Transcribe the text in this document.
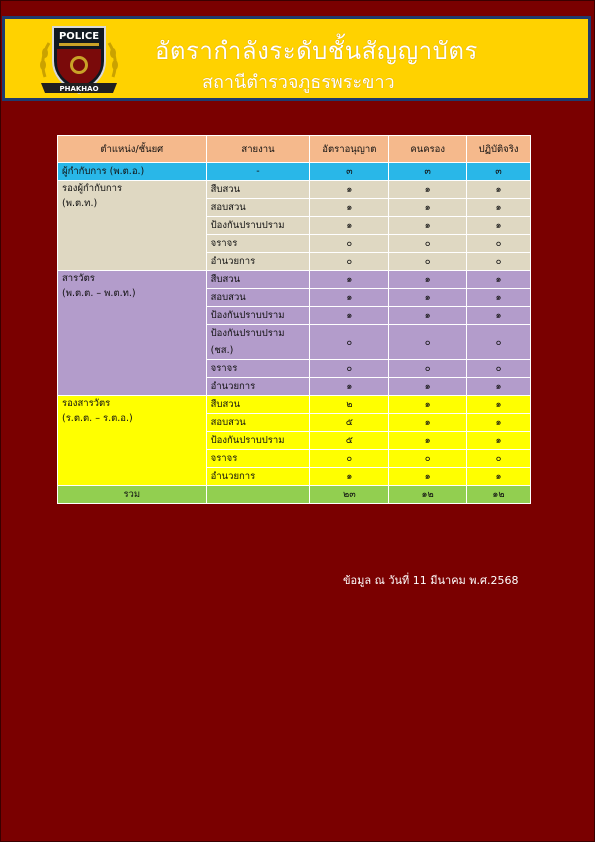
POLICE
PHAKHAO
อัตรากำลังระดับชั้นสัญญาบัตร
สถานีตำรวจภูธรพระขาว
ตำแหน่ง/ชั้นยศ	สายงาน	อัตราอนุญาต	คนครอง	ปฏิบัติจริง
ผู้กำกับการ (พ.ต.อ.)	-	๓	๓	๓

รองผู้กำกับการ
(พ.ต.ท.)	สืบสวน	๑	๑	๑
	สอบสวน	๑	๑	๑
	ป้องกันปราบปราม	๑	๑	๑
	จราจร	๐	๐	๐
	อำนวยการ	๐	๐	๐

สารวัตร
(พ.ต.ต. – พ.ต.ท.)	สืบสวน	๑	๑	๑
	สอบสวน	๑	๑	๑
	ป้องกันปราบปราม	๑	๑	๑
	ป้องกันปราบปราม (ชส.)	๐	๐	๐
	จราจร	๐	๐	๐
	อำนวยการ	๑	๑	๑

รองสารวัตร
(ร.ต.ต. – ร.ต.อ.)	สืบสวน	๒	๑	๑
	สอบสวน	๕	๑	๑
	ป้องกันปราบปราม	๕	๑	๑
	จราจร	๐	๐	๐
	อำนวยการ	๑	๑	๑
รวม		๒๓	๑๒	๑๒
ข้อมูล ณ วันที่ 11 มีนาคม พ.ศ.2568
